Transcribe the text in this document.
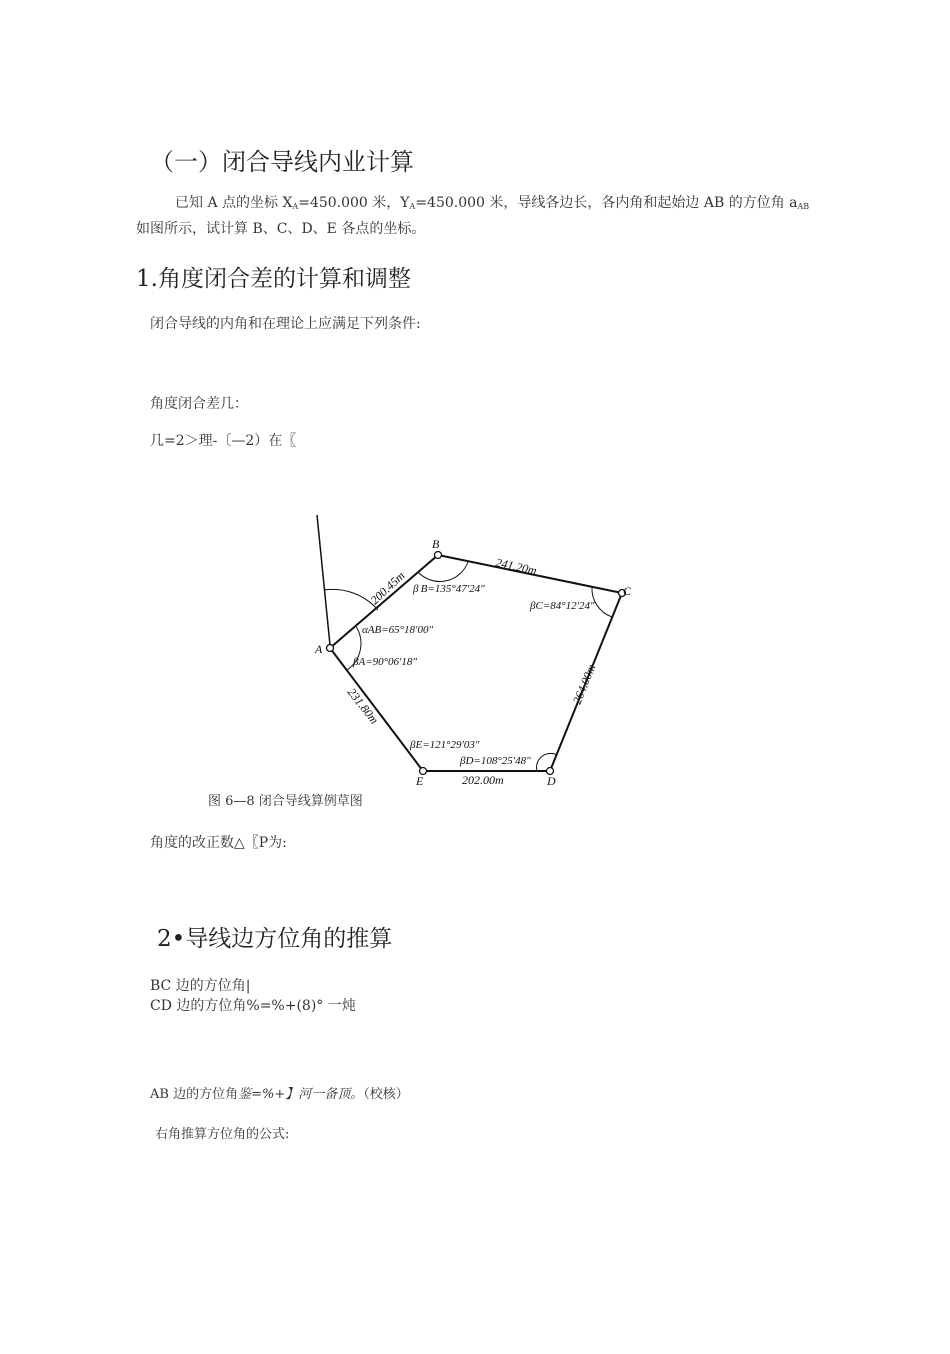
（一）闭合导线内业计算
已知 A 点的坐标 $X_A=450.000$ 米，$Y_A=450.000$ 米，导线各边长，各内角和起始边 AB 的方位角 $a_{AB}$
如图所示，试计算 B、C、D、E 各点的坐标。
1.角度闭合差的计算和调整
闭合导线的内角和在理论上应满足下列条件:
角度闭合差几：
几=2＞理-〔—2）在〖
A
B
C
D
E
200.45m
241.20m
264.00m
202.00m
231.80m
β B=135°47′24″
βC=84°12′24″
αAB=65°18′00″
βA=90°06′18″
βE=121°29′03″
βD=108°25′48″
图 6—8 闭合导线算例草图
角度的改正数△〖P为:
2•导线边方位角的推算
BC 边的方位角|
CD 边的方位角%=%+(8)° 一炖
AB 边的方位角鉴=%+】河一备顶。（校核）
右角推算方位角的公式:
